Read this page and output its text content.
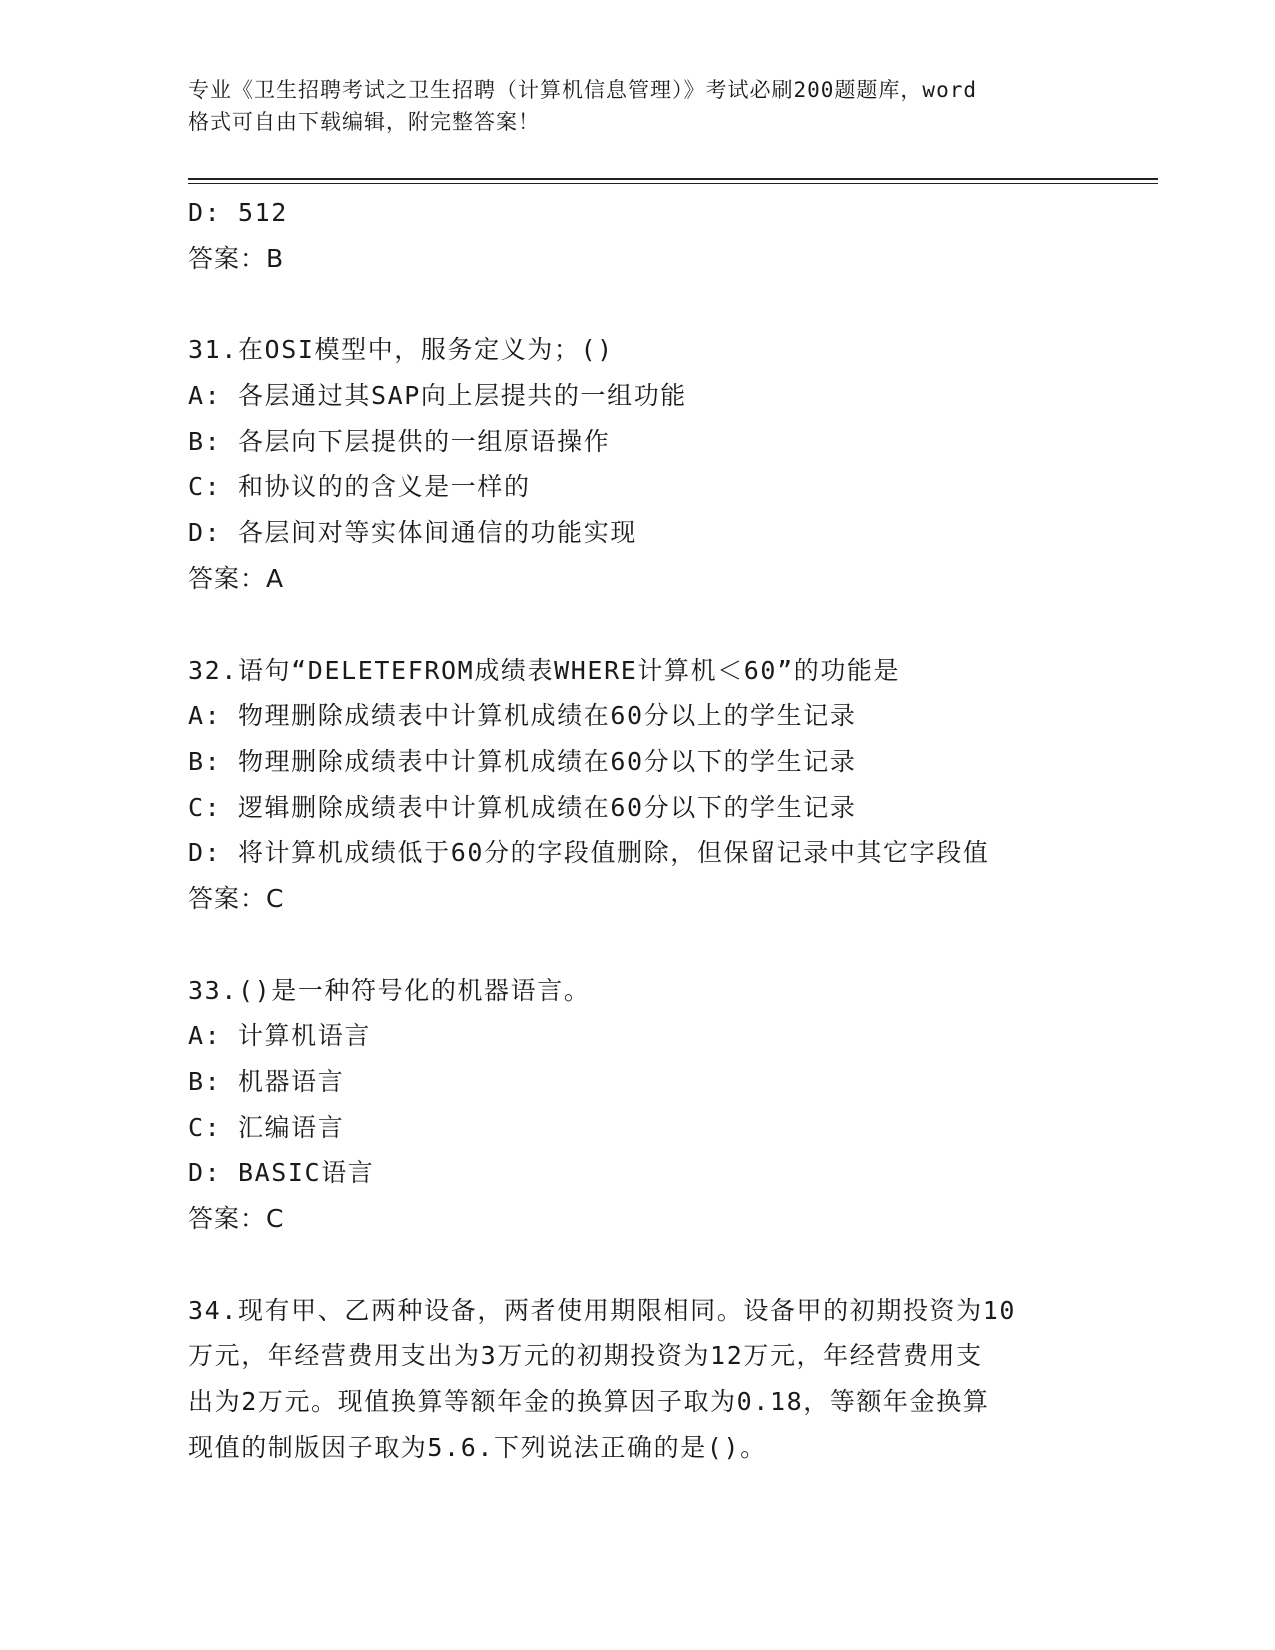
专业《卫生招聘考试之卫生招聘（计算机信息管理）》考试必刷200题题库，word
格式可自由下载编辑，附完整答案！
D: 512
答案：B
31.在OSI模型中，服务定义为；()
A: 各层通过其SAP向上层提共的一组功能
B: 各层向下层提供的一组原语操作
C: 和协议的的含义是一样的
D: 各层间对等实体间通信的功能实现
答案：A
32.语句“DELETEFROM成绩表WHERE计算机＜60”的功能是
A: 物理删除成绩表中计算机成绩在60分以上的学生记录
B: 物理删除成绩表中计算机成绩在60分以下的学生记录
C: 逻辑删除成绩表中计算机成绩在60分以下的学生记录
D: 将计算机成绩低于60分的字段值删除，但保留记录中其它字段值
答案：C
33.()是一种符号化的机器语言。
A: 计算机语言
B: 机器语言
C: 汇编语言
D: BASIC语言
答案：C
34.现有甲、乙两种设备，两者使用期限相同。设备甲的初期投资为10
万元，年经营费用支出为3万元的初期投资为12万元，年经营费用支
出为2万元。现值换算等额年金的换算因子取为0.18，等额年金换算
现值的制版因子取为5.6.下列说法正确的是()。
